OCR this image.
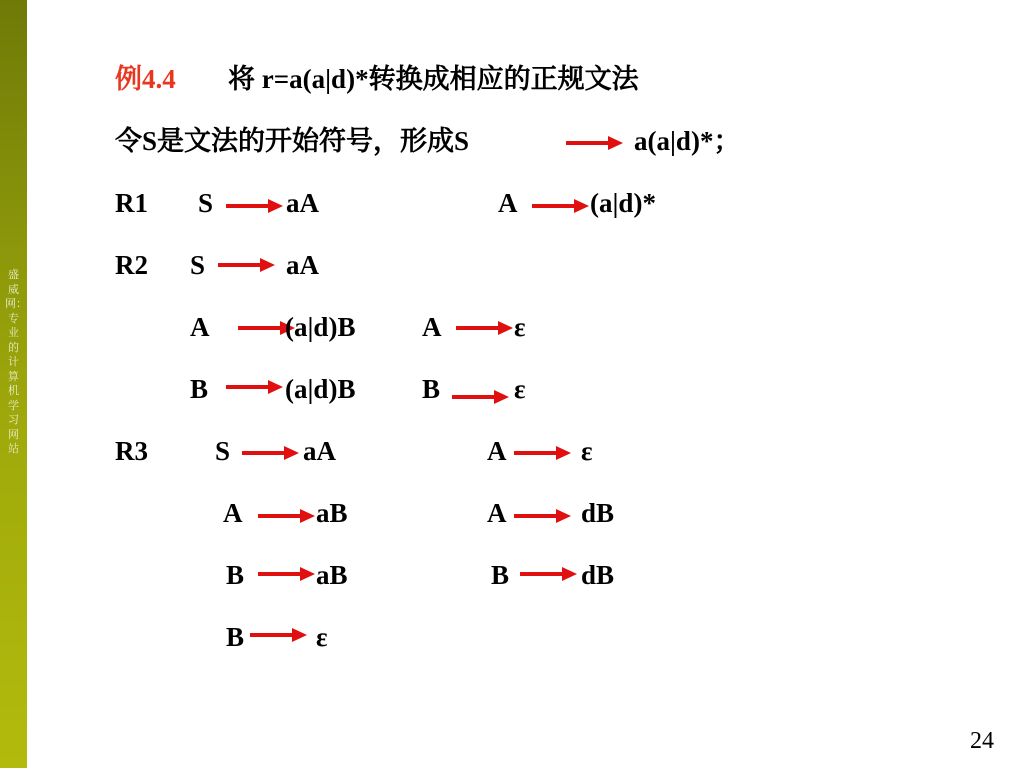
盛威网：专业的计算机学习网站
例4.4 将 r=a(a|d)*转换成相应的正规文法
令S是文法的开始符号，形成S	a(a|d)*；
R1 S	aA	A	(a|d)*
R2 S	aA
A	(a|d)B A	ε
B	(a|d)B B	ε
R3 S	aA	A	ε
A	aB	A	dB
B	aB	B	dB
B	ε
24
